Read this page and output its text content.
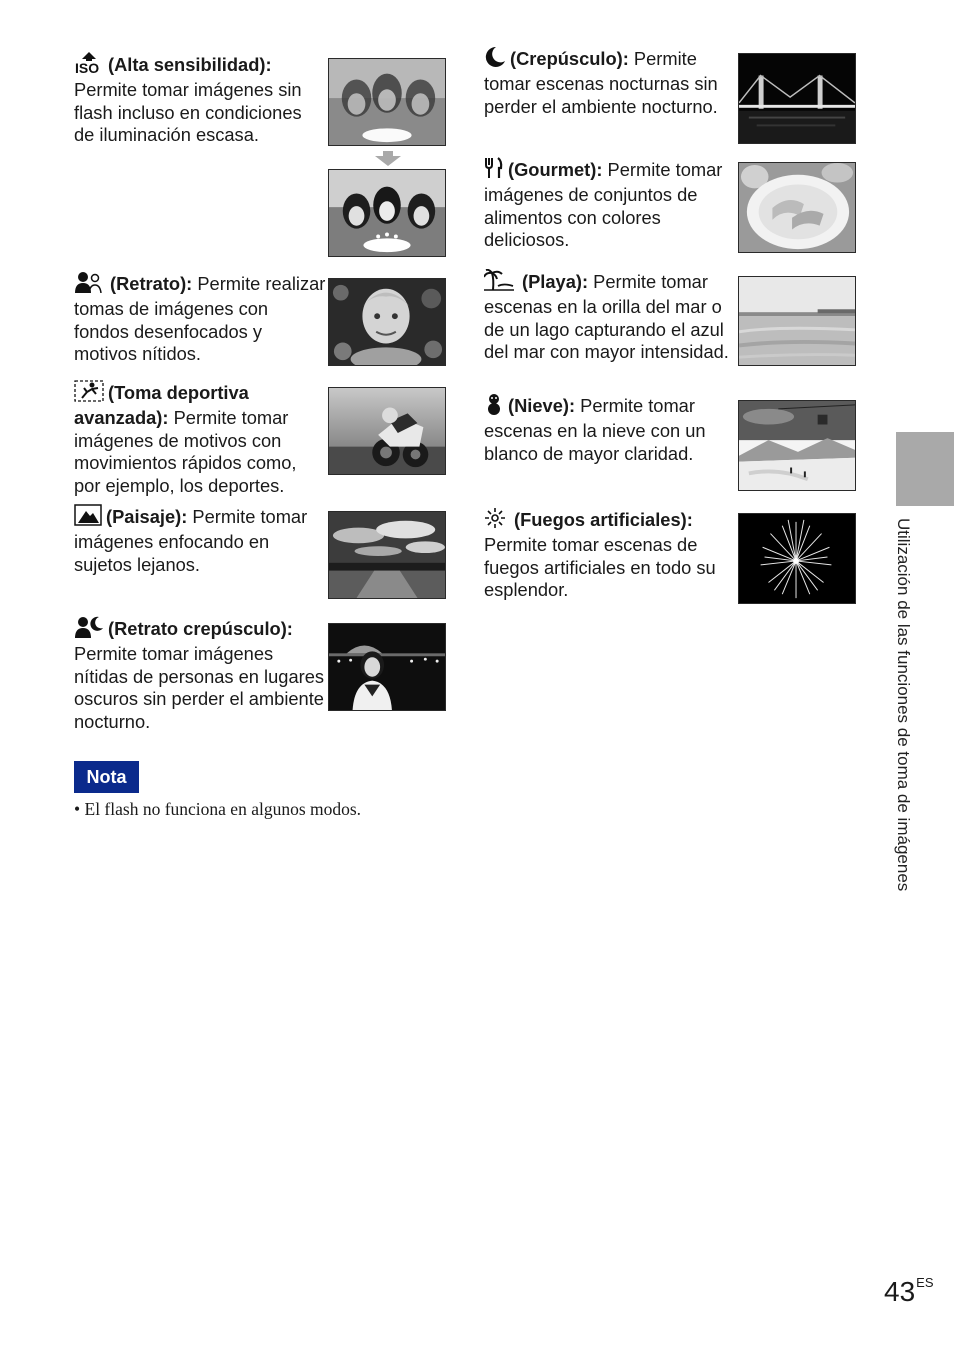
ISO (Alta sensibilidad): Permite tomar imágenes sin flash incluso en condiciones de iluminación escasa.
(Retrato): Permite realizar tomas de imágenes con fondos desenfocados y motivos nítidos.
(Toma deportiva avanzada): Permite tomar imágenes de motivos con movimientos rápidos como, por ejemplo, los deportes.
(Paisaje): Permite tomar imágenes enfocando en sujetos lejanos.
(Retrato crepúsculo): Permite tomar imágenes nítidas de personas en lugares oscuros sin perder el ambiente nocturno.
(Crepúsculo): Permite tomar escenas nocturnas sin perder el ambiente nocturno.
(Gourmet): Permite tomar imágenes de conjuntos de alimentos con colores deliciosos.
(Playa): Permite tomar escenas en la orilla del mar o de un lago capturando el azul del mar con mayor intensidad.
(Nieve): Permite tomar escenas en la nieve con un blanco de mayor claridad.
(Fuegos artificiales): Permite tomar escenas de fuegos artificiales en todo su esplendor.
Nota
• El flash no funciona en algunos modos.	Utilización de las funciones de toma de imágenes
$43^{ES}$
